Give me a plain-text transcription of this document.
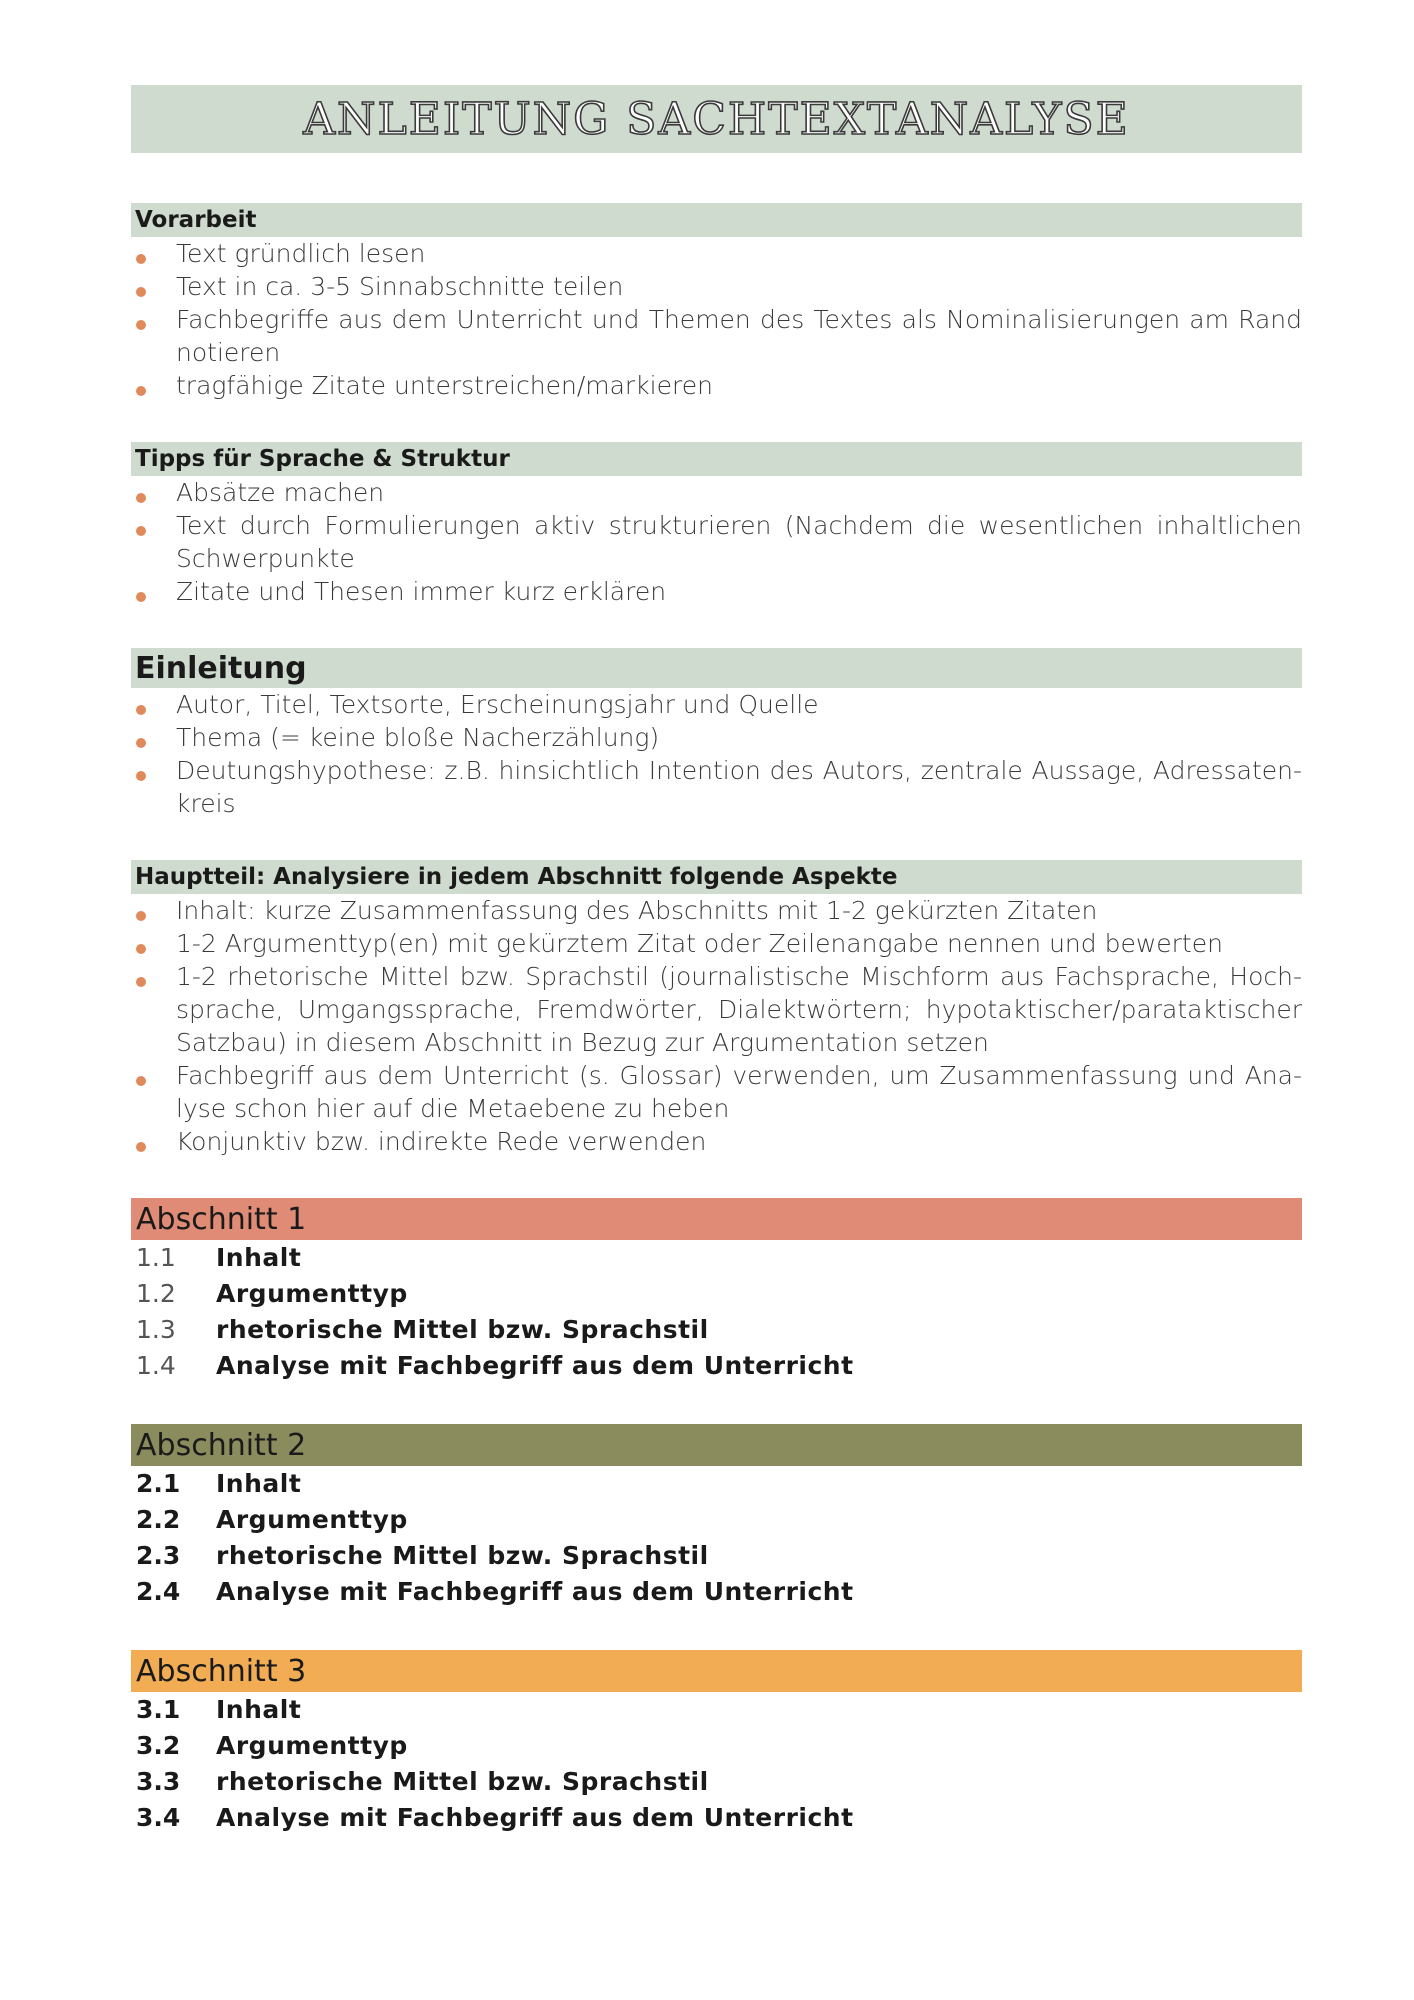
ANLEITUNG SACHTEXTANALYSE
Vorarbeit
Text gründlich lesen
Text in ca. 3-5 Sinnabschnitte teilen
Fachbegriffe aus dem Unterricht und Themen des Textes als Nominalisierungen am Rand notieren
tragfähige Zitate unterstreichen/markieren
Tipps für Sprache & Struktur
Absätze machen
Text durch Formulierungen aktiv strukturieren (Nachdem die wesentlichen inhaltlichen Schwerpunkte
Zitate und Thesen immer kurz erklären
Einleitung
Autor, Titel, Textsorte, Erscheinungsjahr und Quelle
Thema (= keine bloße Nacherzählung)
Deutungshypothese: z.B. hinsichtlich Intention des Autors, zentrale Aussage, Adressaten-kreis
Hauptteil: Analysiere in jedem Abschnitt folgende Aspekte
Inhalt: kurze Zusammenfassung des Abschnitts mit 1-2 gekürzten Zitaten
1-2 Argumenttyp(en) mit gekürztem Zitat oder Zeilenangabe nennen und bewerten
1-2 rhetorische Mittel bzw. Sprachstil (journalistische Mischform aus Fachsprache, Hoch-sprache, Umgangssprache, Fremdwörter, Dialektwörtern; hypotaktischer/parataktischer Satzbau) in diesem Abschnitt in Bezug zur Argumentation setzen
Fachbegriff aus dem Unterricht (s. Glossar) verwenden, um Zusammenfassung und Ana-lyse schon hier auf die Metaebene zu heben
Konjunktiv bzw. indirekte Rede verwenden
Abschnitt 1
1.1	Inhalt
1.2	Argumenttyp
1.3	rhetorische Mittel bzw. Sprachstil
1.4	Analyse mit Fachbegriff aus dem Unterricht
Abschnitt 2
2.1	Inhalt
2.2	Argumenttyp
2.3	rhetorische Mittel bzw. Sprachstil
2.4	Analyse mit Fachbegriff aus dem Unterricht
Abschnitt 3
3.1	Inhalt
3.2	Argumenttyp
3.3	rhetorische Mittel bzw. Sprachstil
3.4	Analyse mit Fachbegriff aus dem Unterricht
